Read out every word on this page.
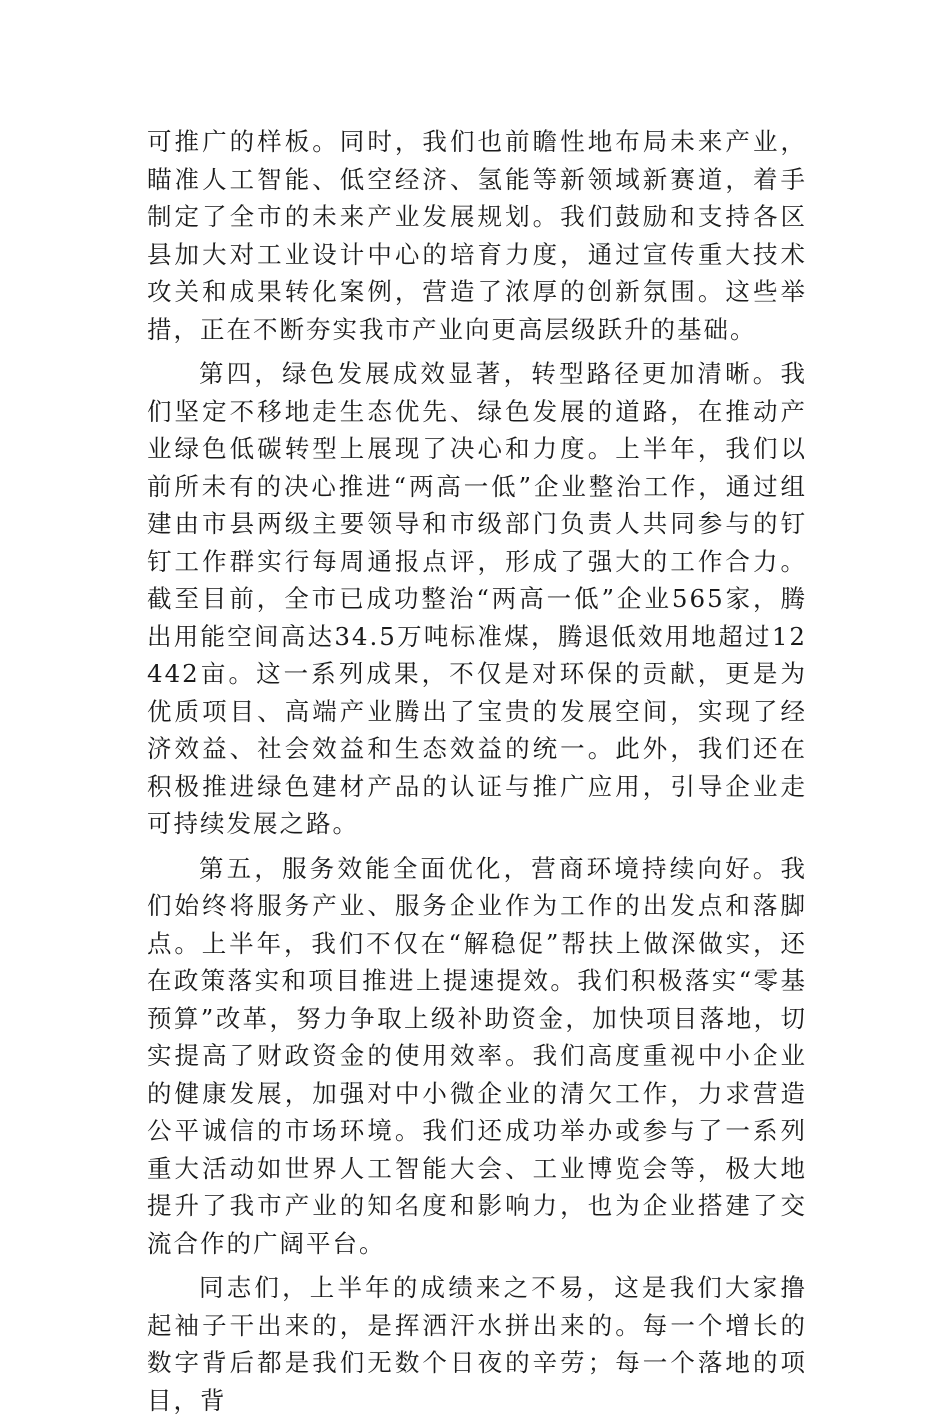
可推广的样板。同时，我们也前瞻性地布局未来产业，瞄准人工智能、低空经济、氢能等新领域新赛道，着手制定了全市的未来产业发展规划。我们鼓励和支持各区县加大对工业设计中心的培育力度，通过宣传重大技术攻关和成果转化案例，营造了浓厚的创新氛围。这些举措，正在不断夯实我市产业向更高层级跃升的基础。

第四，绿色发展成效显著，转型路径更加清晰。我们坚定不移地走生态优先、绿色发展的道路，在推动产业绿色低碳转型上展现了决心和力度。上半年，我们以前所未有的决心推进“两高一低”企业整治工作，通过组建由市县两级主要领导和市级部门负责人共同参与的钉钉工作群实行每周通报点评，形成了强大的工作合力。截至目前，全市已成功整治“两高一低”企业565家，腾出用能空间高达34.5万吨标准煤，腾退低效用地超过12442亩。这一系列成果，不仅是对环保的贡献，更是为优质项目、高端产业腾出了宝贵的发展空间，实现了经济效益、社会效益和生态效益的统一。此外，我们还在积极推进绿色建材产品的认证与推广应用，引导企业走可持续发展之路。

第五，服务效能全面优化，营商环境持续向好。我们始终将服务产业、服务企业作为工作的出发点和落脚点。上半年，我们不仅在“解稳促”帮扶上做深做实，还在政策落实和项目推进上提速提效。我们积极落实“零基预算”改革，努力争取上级补助资金，加快项目落地，切实提高了财政资金的使用效率。我们高度重视中小企业的健康发展，加强对中小微企业的清欠工作，力求营造公平诚信的市场环境。我们还成功举办或参与了一系列重大活动如世界人工智能大会、工业博览会等，极大地提升了我市产业的知名度和影响力，也为企业搭建了交流合作的广阔平台。

同志们，上半年的成绩来之不易，这是我们大家撸起袖子干出来的，是挥洒汗水拼出来的。每一个增长的数字背后都是我们无数个日夜的辛劳；每一个落地的项目，背
